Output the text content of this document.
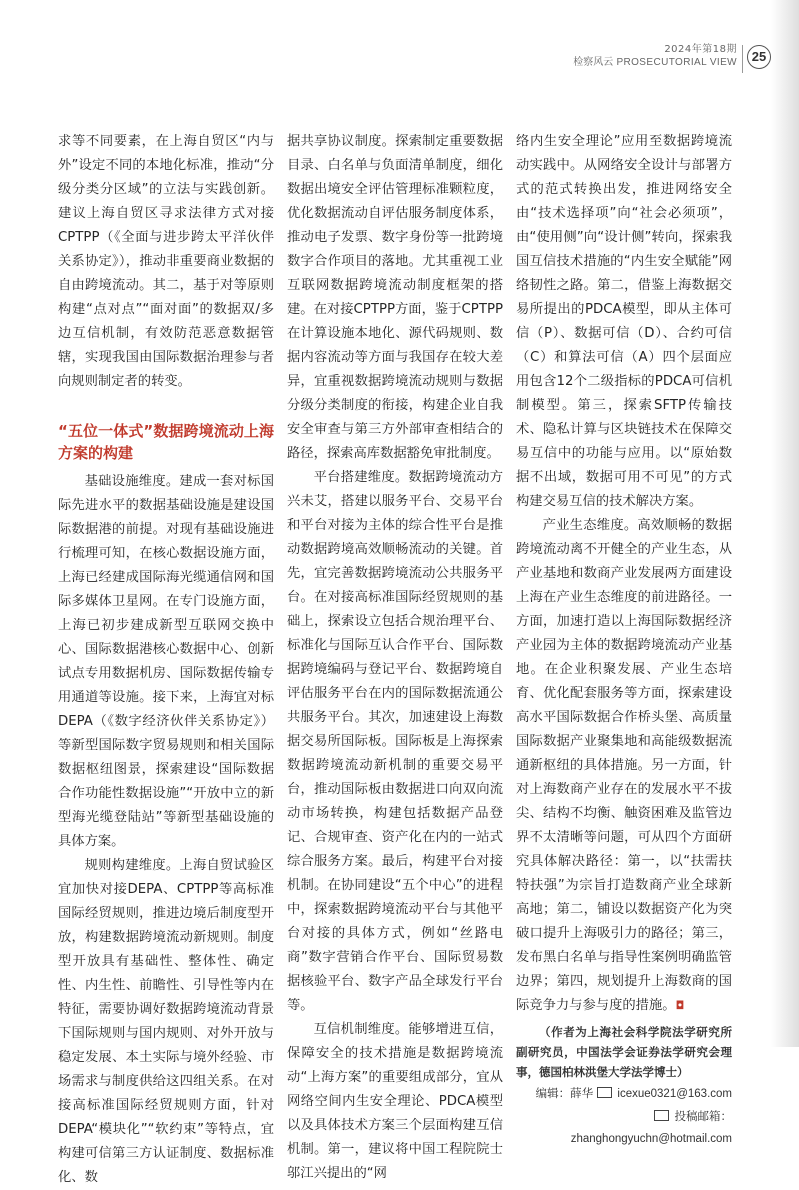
2024年第18期
检察风云 PROSECUTORIAL VIEW	25

求等不同要素，在上海自贸区“内与外”设定不同的本地化标准，推动“分级分类分区域”的立法与实践创新。建议上海自贸区寻求法律方式对接CPTPP（《全面与进步跨太平洋伙伴关系协定》），推动非重要商业数据的自由跨境流动。其二，基于对等原则构建“点对点”“面对面”的数据双/多边互信机制，有效防范恶意数据管辖，实现我国由国际数据治理参与者向规则制定者的转变。

“五位一体式”数据跨境流动上海方案的构建

基础设施维度。建成一套对标国际先进水平的数据基础设施是建设国际数据港的前提。对现有基础设施进行梳理可知，在核心数据设施方面，上海已经建成国际海光缆通信网和国际多媒体卫星网。在专门设施方面，上海已初步建成新型互联网交换中心、国际数据港核心数据中心、创新试点专用数据机房、国际数据传输专用通道等设施。接下来，上海宜对标DEPA（《数字经济伙伴关系协定》）等新型国际数字贸易规则和相关国际数据枢纽图景，探索建设“国际数据合作功能性数据设施”“开放中立的新型海光缆登陆站”等新型基础设施的具体方案。

规则构建维度。上海自贸试验区宜加快对接DEPA、CPTPP等高标准国际经贸规则，推进边境后制度型开放，构建数据跨境流动新规则。制度型开放具有基础性、整体性、确定性、内生性、前瞻性、引导性等内在特征，需要协调好数据跨境流动背景下国际规则与国内规则、对外开放与稳定发展、本土实际与境外经验、市场需求与制度供给这四组关系。在对接高标准国际经贸规则方面，针对DEPA“模块化”“软约束”等特点，宜构建可信第三方认证制度、数据标准化、数

据共享协议制度。探索制定重要数据目录、白名单与负面清单制度，细化数据出境安全评估管理标准颗粒度，优化数据流动自评估服务制度体系，推动电子发票、数字身份等一批跨境数字合作项目的落地。尤其重视工业互联网数据跨境流动制度框架的搭建。在对接CPTPP方面，鉴于CPTPP在计算设施本地化、源代码规则、数据内容流动等方面与我国存在较大差异，宜重视数据跨境流动规则与数据分级分类制度的衔接，构建企业自我安全审查与第三方外部审查相结合的路径，探索高库数据豁免审批制度。

平台搭建维度。数据跨境流动方兴未艾，搭建以服务平台、交易平台和平台对接为主体的综合性平台是推动数据跨境高效顺畅流动的关键。首先，宜完善数据跨境流动公共服务平台。在对接高标准国际经贸规则的基础上，探索设立包括合规治理平台、标准化与国际互认合作平台、国际数据跨境编码与登记平台、数据跨境自评估服务平台在内的国际数据流通公共服务平台。其次，加速建设上海数据交易所国际板。国际板是上海探索数据跨境流动新机制的重要交易平台，推动国际板由数据进口向双向流动市场转换，构建包括数据产品登记、合规审查、资产化在内的一站式综合服务方案。最后，构建平台对接机制。在协同建设“五个中心”的进程中，探索数据跨境流动平台与其他平台对接的具体方式，例如“丝路电商”数字营销合作平台、国际贸易数据核验平台、数字产品全球发行平台等。

互信机制维度。能够增进互信，保障安全的技术措施是数据跨境流动“上海方案”的重要组成部分，宜从网络空间内生安全理论、PDCA模型以及具体技术方案三个层面构建互信机制。第一，建议将中国工程院院士邬江兴提出的“网

络内生安全理论”应用至数据跨境流动实践中。从网络安全设计与部署方式的范式转换出发，推进网络安全由“技术选择项”向“社会必须项”，由“使用侧”向“设计侧”转向，探索我国互信技术措施的“内生安全赋能”网络韧性之路。第二，借鉴上海数据交易所提出的PDCA模型，即从主体可信（P）、数据可信（D）、合约可信（C）和算法可信（A）四个层面应用包含12个二级指标的PDCA可信机制模型。第三，探索SFTP传输技术、隐私计算与区块链技术在保障交易互信中的功能与应用。以“原始数据不出域，数据可用不可见”的方式构建交易互信的技术解决方案。

产业生态维度。高效顺畅的数据跨境流动离不开健全的产业生态，从产业基地和数商产业发展两方面建设上海在产业生态维度的前进路径。一方面，加速打造以上海国际数据经济产业园为主体的数据跨境流动产业基地。在企业积聚发展、产业生态培育、优化配套服务等方面，探索建设高水平国际数据合作桥头堡、高质量国际数据产业聚集地和高能级数据流通新枢纽的具体措施。另一方面，针对上海数商产业存在的发展水平不拔尖、结构不均衡、触资困难及监管边界不太清晰等问题，可从四个方面研究具体解决路径：第一，以“扶需扶特扶强”为宗旨打造数商产业全球新高地；第二，铺设以数据资产化为突破口提升上海吸引力的路径；第三，发布黑白名单与指导性案例明确监管边界；第四，规划提升上海数商的国际竞争力与参与度的措施。◘

（作者为上海社会科学院法学研究所副研究员，中国法学会证券法学研究会理事，德国柏林洪堡大学法学博士）
编辑：薛华 icexue0321@163.com
投稿邮箱： zhanghongyuchn@hotmail.com
